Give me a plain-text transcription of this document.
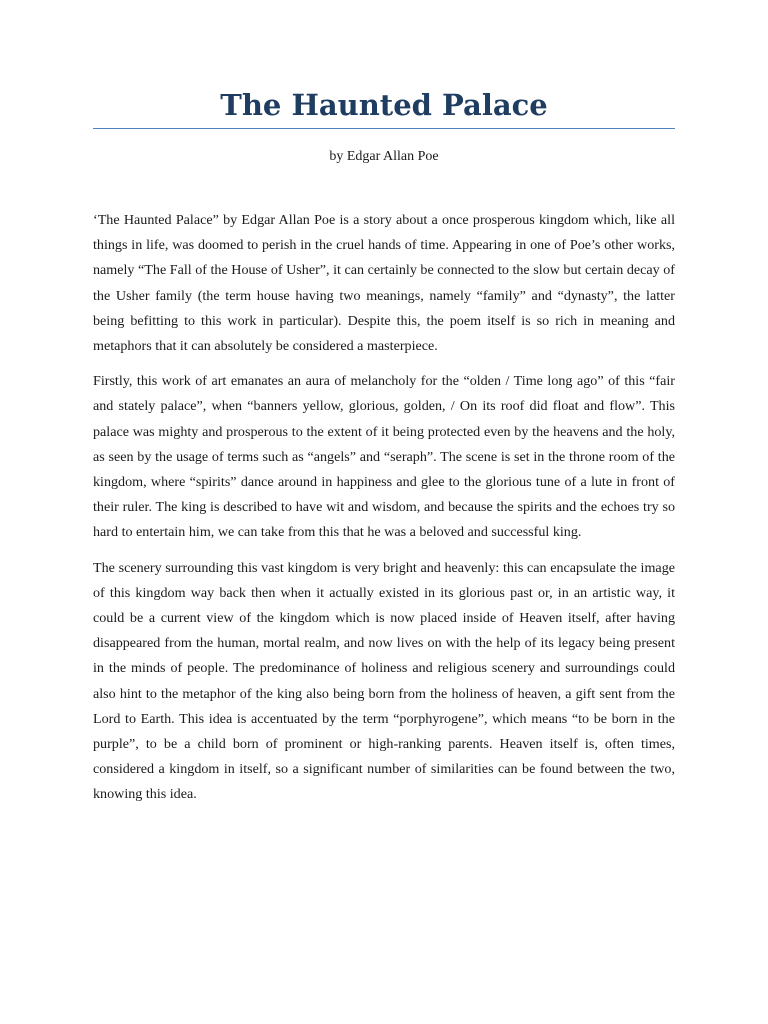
The Haunted Palace
by Edgar Allan Poe

‘The Haunted Palace” by Edgar Allan Poe is a story about a once prosperous kingdom which, like all things in life, was doomed to perish in the cruel hands of time. Appearing in one of Poe’s other works, namely “The Fall of the House of Usher”, it can certainly be connected to the slow but certain decay of the Usher family (the term house having two meanings, namely “family” and “dynasty”, the latter being befitting to this work in particular). Despite this, the poem itself is so rich in meaning and metaphors that it can absolutely be considered a masterpiece.

Firstly, this work of art emanates an aura of melancholy for the “olden / Time long ago” of this “fair and stately palace”, when “banners yellow, glorious, golden, / On its roof did float and flow”. This palace was mighty and prosperous to the extent of it being protected even by the heavens and the holy, as seen by the usage of terms such as “angels” and “seraph”. The scene is set in the throne room of the kingdom, where “spirits” dance around in happiness and glee to the glorious tune of a lute in front of their ruler. The king is described to have wit and wisdom, and because the spirits and the echoes try so hard to entertain him, we can take from this that he was a beloved and successful king.

The scenery surrounding this vast kingdom is very bright and heavenly: this can encapsulate the image of this kingdom way back then when it actually existed in its glorious past or, in an artistic way, it could be a current view of the kingdom which is now placed inside of Heaven itself, after having disappeared from the human, mortal realm, and now lives on with the help of its legacy being present in the minds of people. The predominance of holiness and religious scenery and surroundings could also hint to the metaphor of the king also being born from the holiness of heaven, a gift sent from the Lord to Earth. This idea is accentuated by the term “porphyrogene”, which means “to be born in the purple”, to be a child born of prominent or high-ranking parents. Heaven itself is, often times, considered a kingdom in itself, so a significant number of similarities can be found between the two, knowing this idea.
